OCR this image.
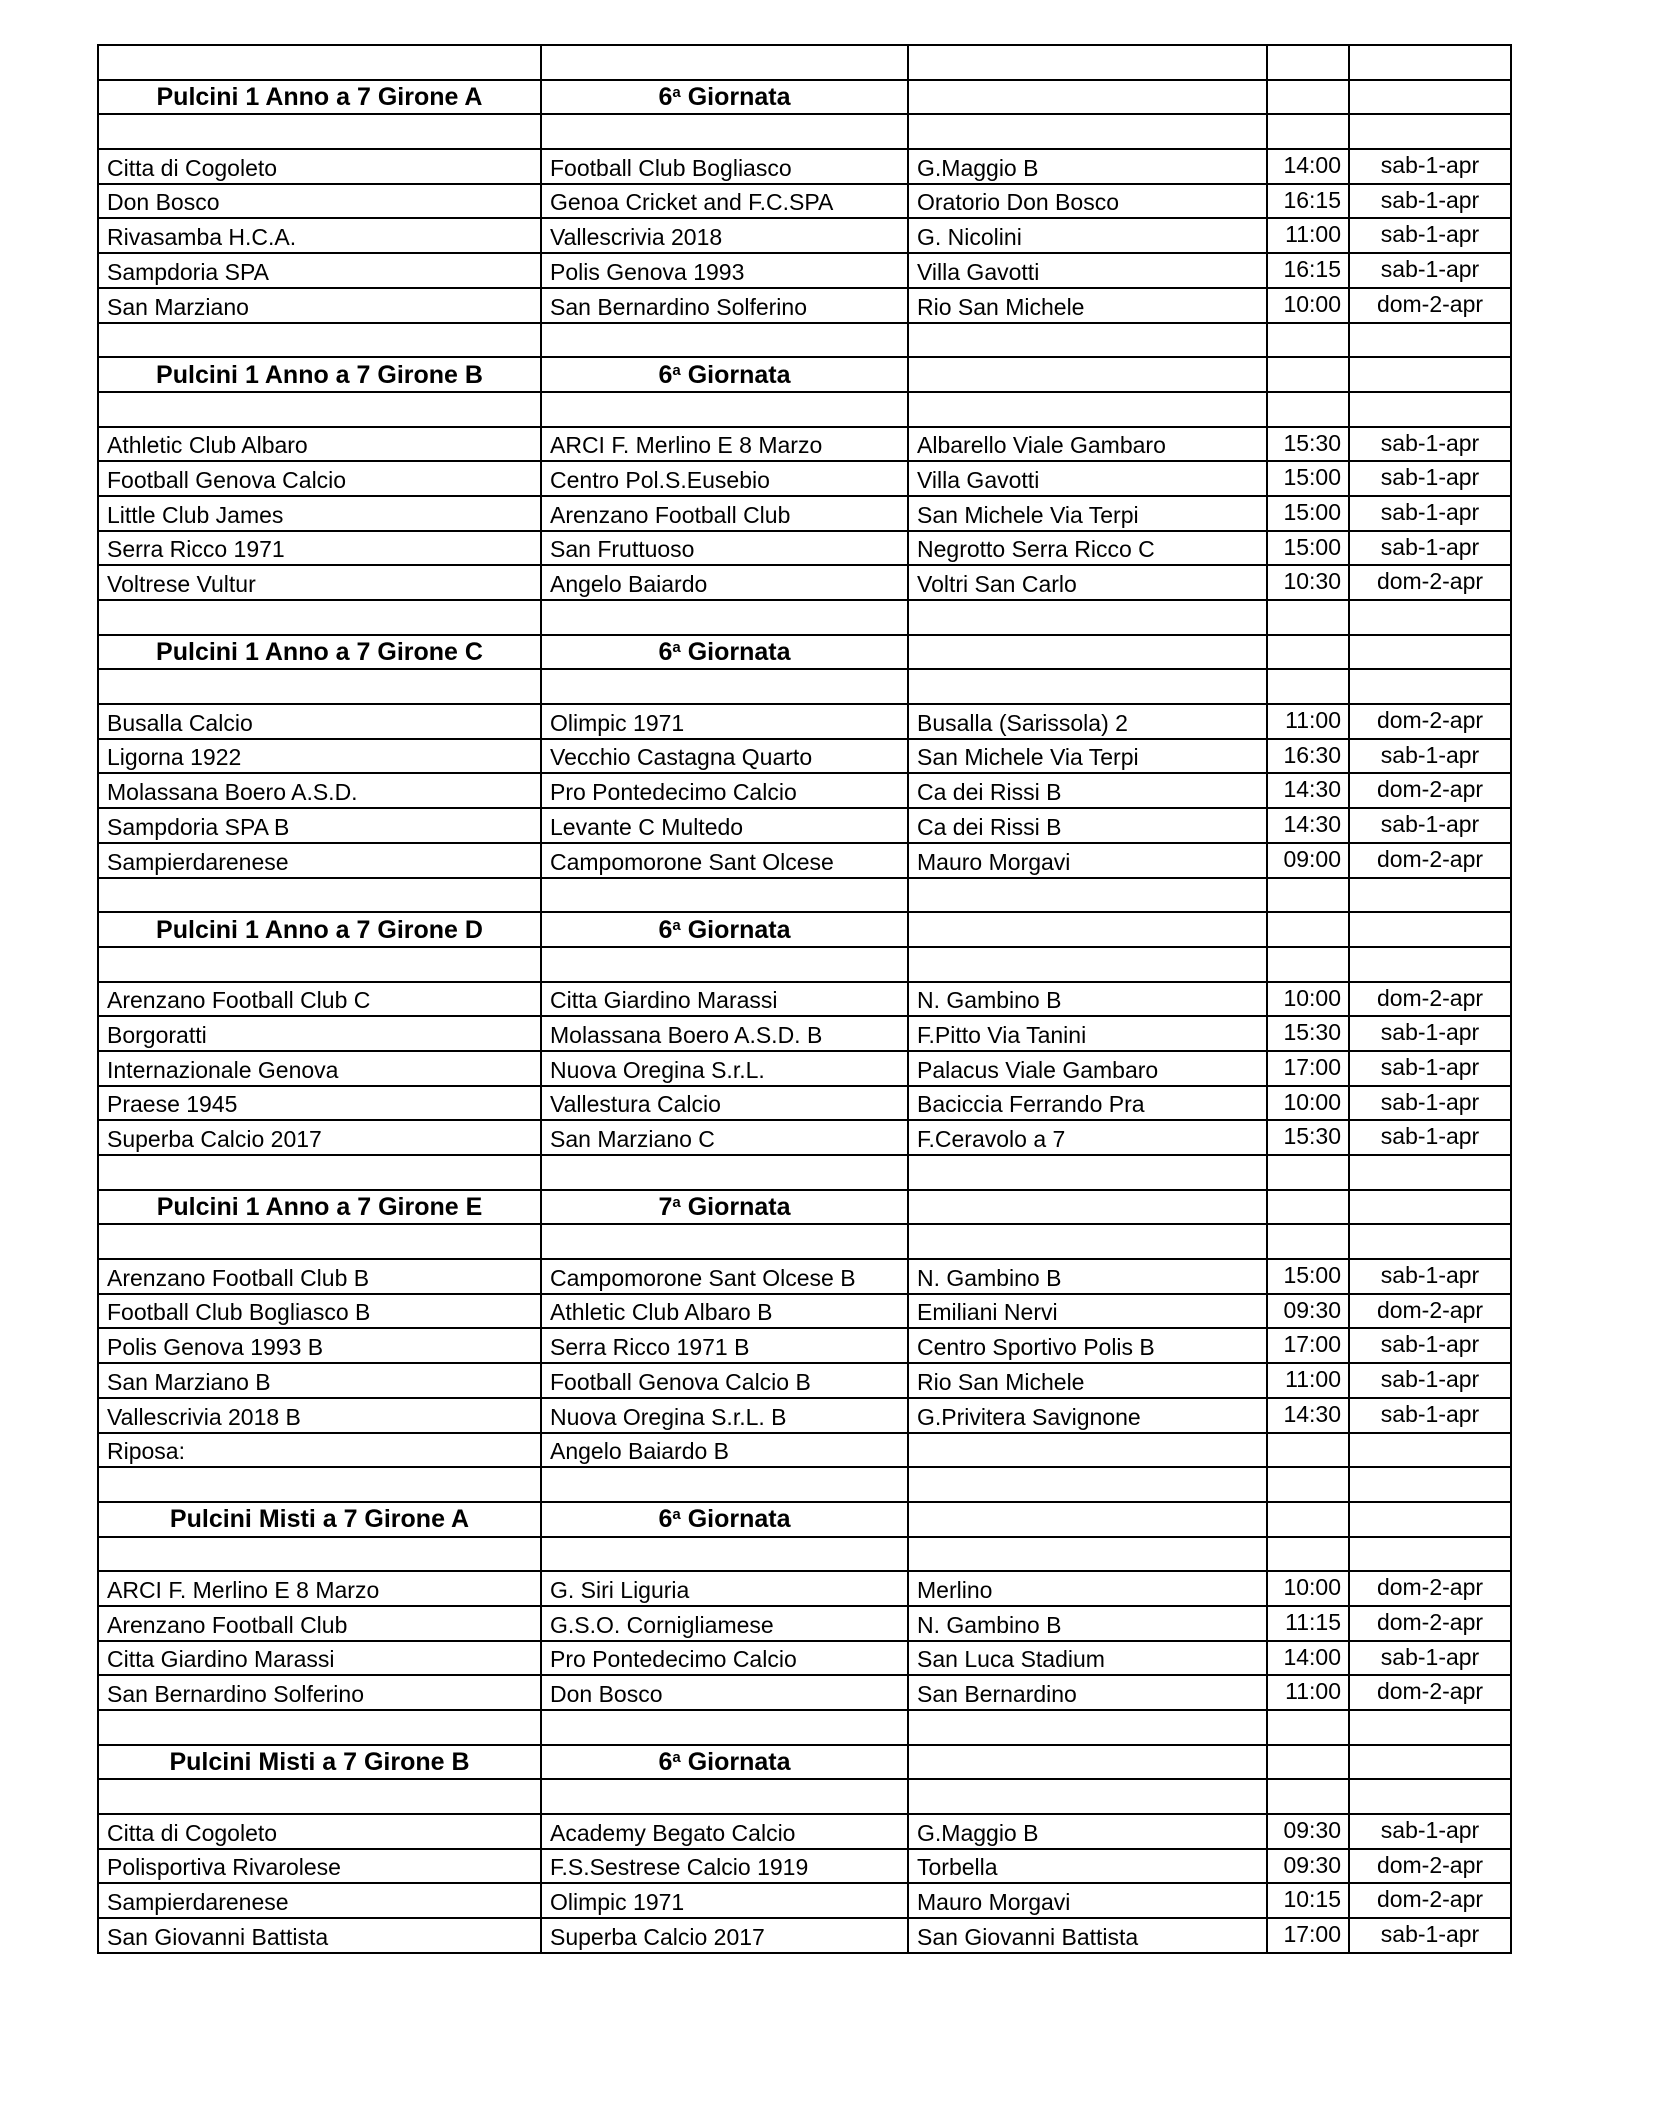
Pulcini 1 Anno a 7 Girone A	6$^a$ Giornata			

Citta di Cogoleto	Football Club Bogliasco	G.Maggio B	14:00	sab-1-apr
Don Bosco	Genoa Cricket and F.C.SPA	Oratorio Don Bosco	16:15	sab-1-apr
Rivasamba H.C.A.	Vallescrivia 2018	G. Nicolini	11:00	sab-1-apr
Sampdoria SPA	Polis Genova 1993	Villa Gavotti	16:15	sab-1-apr
San Marziano	San Bernardino Solferino	Rio San Michele	10:00	dom-2-apr

Pulcini 1 Anno a 7 Girone B	6$^a$ Giornata			

Athletic Club Albaro	ARCI F. Merlino E 8 Marzo	Albarello Viale Gambaro	15:30	sab-1-apr
Football Genova Calcio	Centro Pol.S.Eusebio	Villa Gavotti	15:00	sab-1-apr
Little Club James	Arenzano Football Club	San Michele Via Terpi	15:00	sab-1-apr
Serra Ricco 1971	San Fruttuoso	Negrotto Serra Ricco C	15:00	sab-1-apr
Voltrese Vultur	Angelo Baiardo	Voltri San Carlo	10:30	dom-2-apr

Pulcini 1 Anno a 7 Girone C	6$^a$ Giornata			

Busalla Calcio	Olimpic 1971	Busalla (Sarissola) 2	11:00	dom-2-apr
Ligorna 1922	Vecchio Castagna Quarto	San Michele Via Terpi	16:30	sab-1-apr
Molassana Boero A.S.D.	Pro Pontedecimo Calcio	Ca dei Rissi B	14:30	dom-2-apr
Sampdoria SPA B	Levante C Multedo	Ca dei Rissi B	14:30	sab-1-apr
Sampierdarenese	Campomorone Sant Olcese	Mauro Morgavi	09:00	dom-2-apr

Pulcini 1 Anno a 7 Girone D	6$^a$ Giornata			

Arenzano Football Club C	Citta Giardino Marassi	N. Gambino B	10:00	dom-2-apr
Borgoratti	Molassana Boero A.S.D. B	F.Pitto Via Tanini	15:30	sab-1-apr
Internazionale Genova	Nuova Oregina S.r.L.	Palacus Viale Gambaro	17:00	sab-1-apr
Praese 1945	Vallestura Calcio	Baciccia Ferrando Pra	10:00	sab-1-apr
Superba Calcio 2017	San Marziano C	F.Ceravolo a 7	15:30	sab-1-apr

Pulcini 1 Anno a 7 Girone E	7$^a$ Giornata			

Arenzano Football Club B	Campomorone Sant Olcese B	N. Gambino B	15:00	sab-1-apr
Football Club Bogliasco B	Athletic Club Albaro B	Emiliani Nervi	09:30	dom-2-apr
Polis Genova 1993 B	Serra Ricco 1971 B	Centro Sportivo Polis B	17:00	sab-1-apr
San Marziano B	Football Genova Calcio B	Rio San Michele	11:00	sab-1-apr
Vallescrivia 2018 B	Nuova Oregina S.r.L. B	G.Privitera Savignone	14:30	sab-1-apr
Riposa:	Angelo Baiardo B			

Pulcini Misti a 7 Girone A	6$^a$ Giornata			

ARCI F. Merlino E 8 Marzo	G. Siri Liguria	Merlino	10:00	dom-2-apr
Arenzano Football Club	G.S.O. Cornigliamese	N. Gambino B	11:15	dom-2-apr
Citta Giardino Marassi	Pro Pontedecimo Calcio	San Luca Stadium	14:00	sab-1-apr
San Bernardino Solferino	Don Bosco	San Bernardino	11:00	dom-2-apr

Pulcini Misti a 7 Girone B	6$^a$ Giornata			

Citta di Cogoleto	Academy Begato Calcio	G.Maggio B	09:30	sab-1-apr
Polisportiva Rivarolese	F.S.Sestrese Calcio 1919	Torbella	09:30	dom-2-apr
Sampierdarenese	Olimpic 1971	Mauro Morgavi	10:15	dom-2-apr
San Giovanni Battista	Superba Calcio 2017	San Giovanni Battista	17:00	sab-1-apr
